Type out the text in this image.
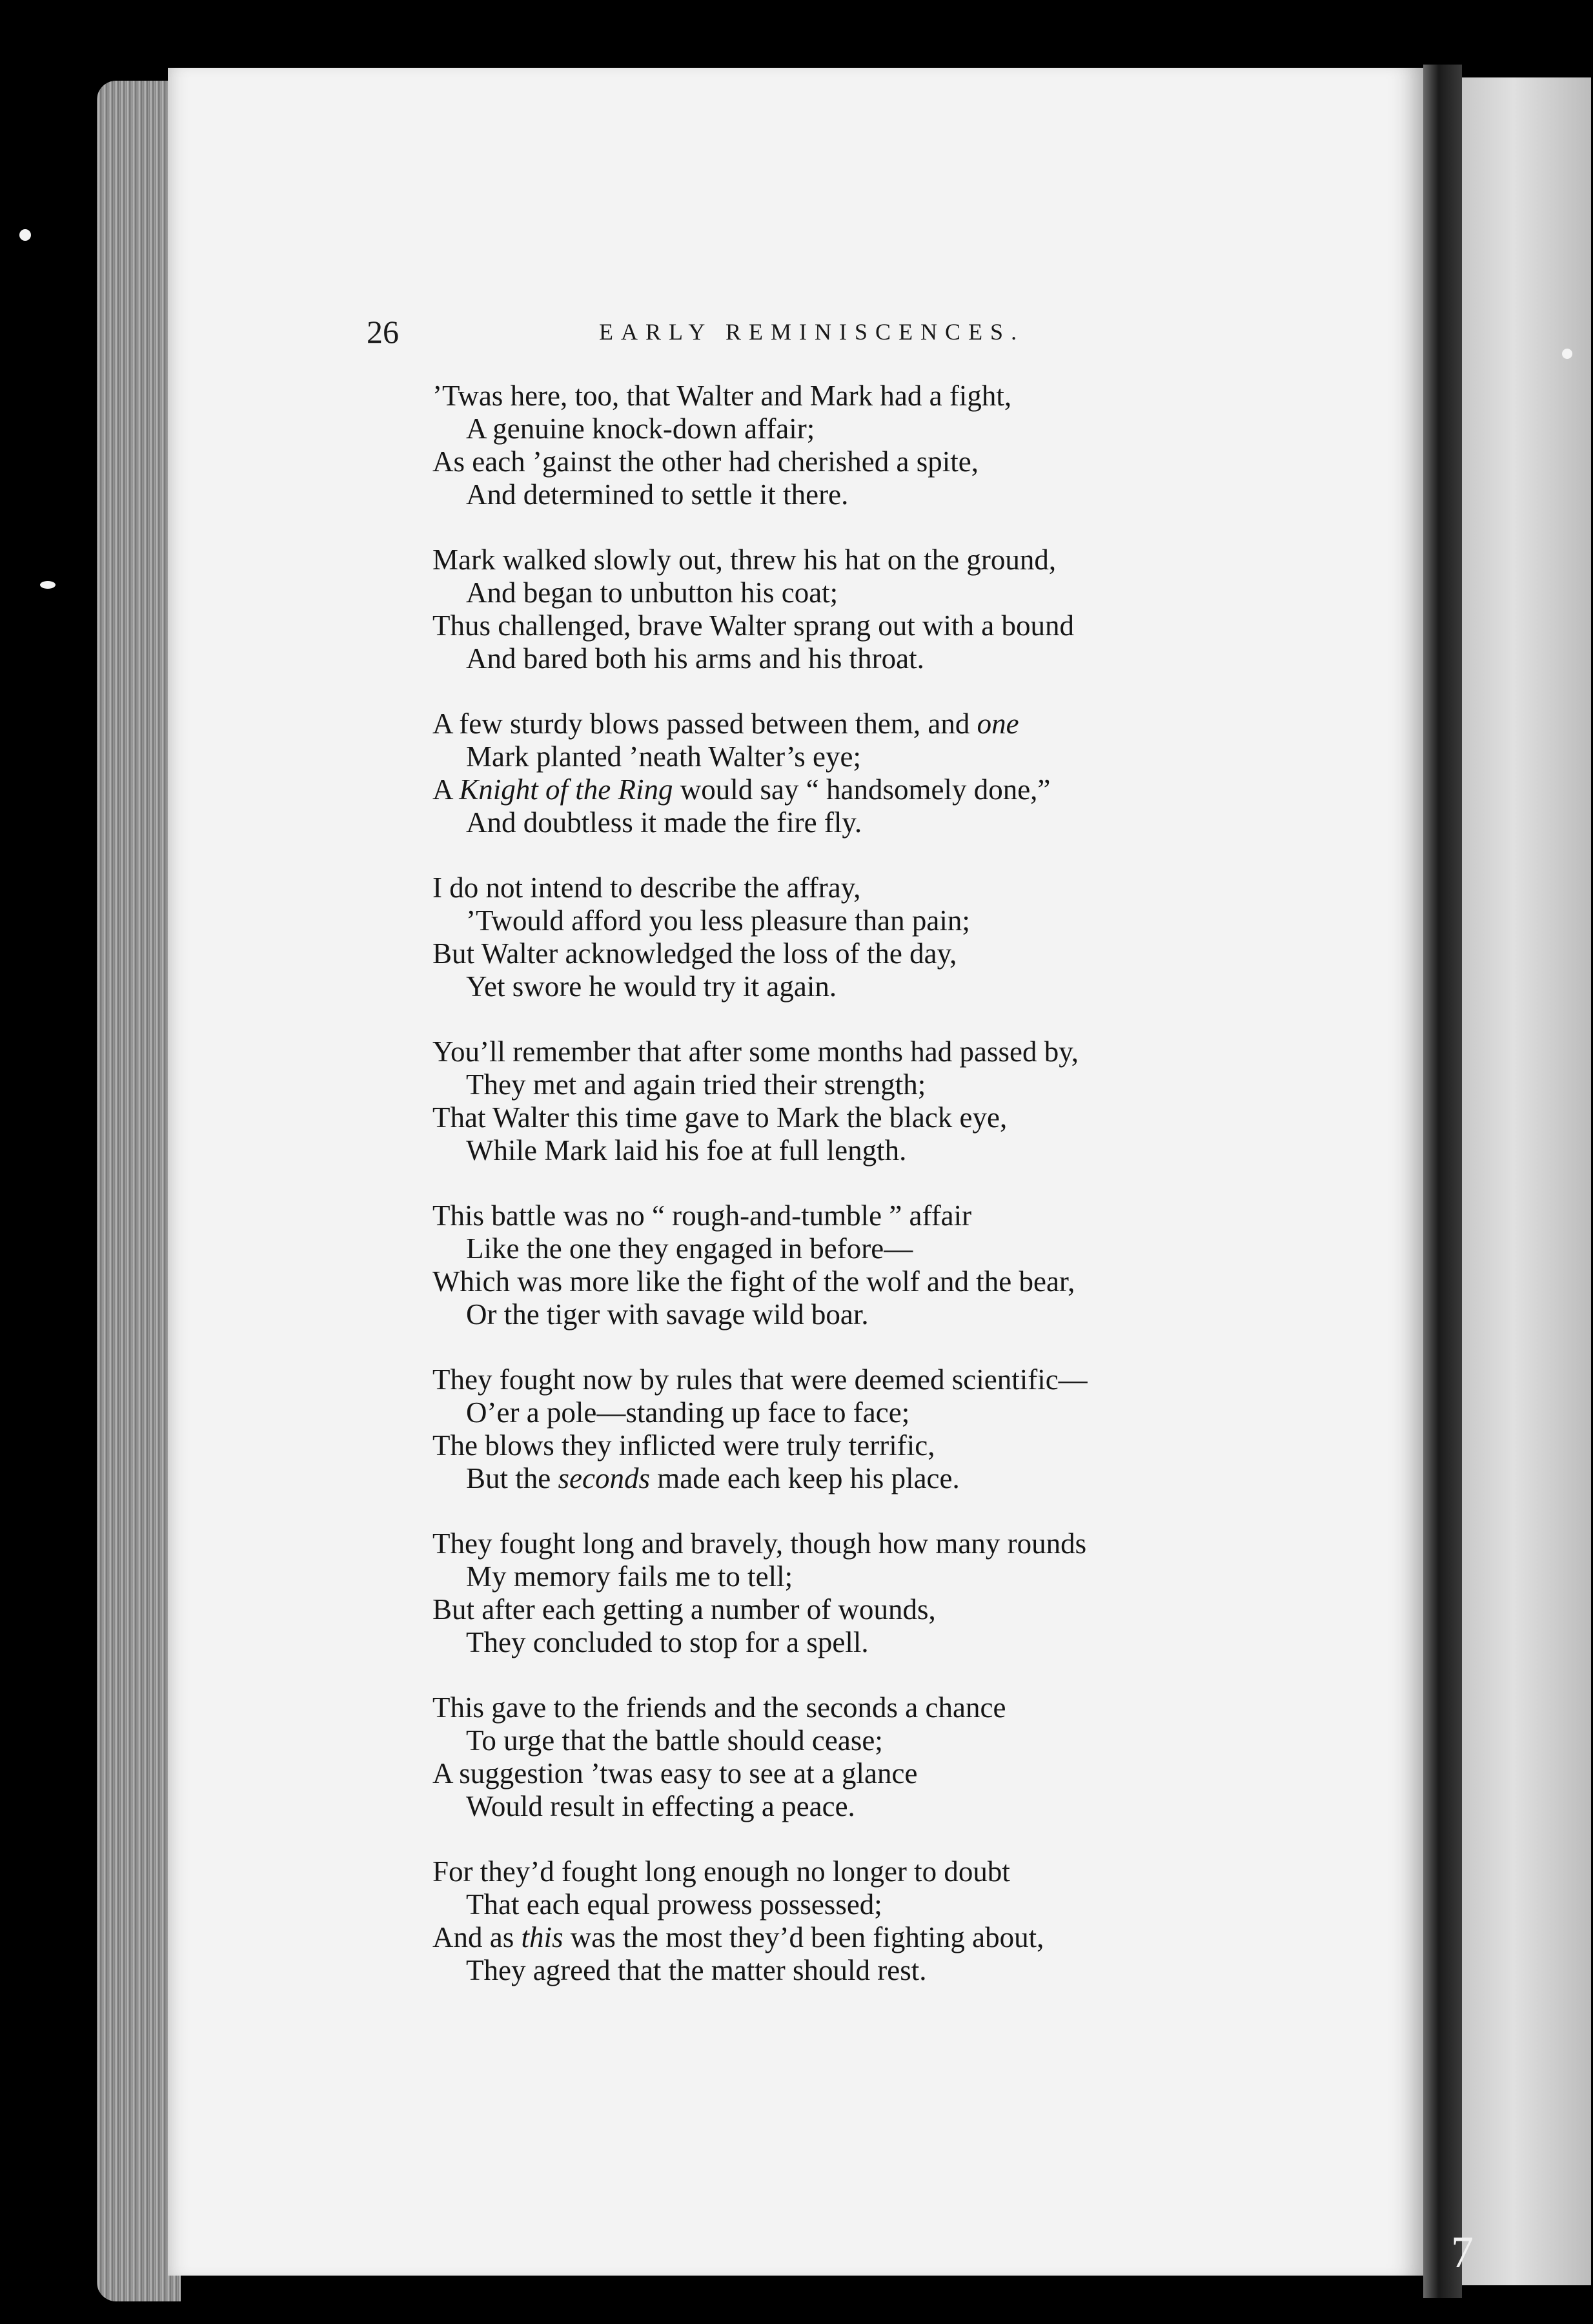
26	EARLY REMINISCENCES.
’Twas here, too, that Walter and Mark had a fight,
A genuine knock-down affair;
As each ’gainst the other had cherished a spite,
And determined to settle it there.
Mark walked slowly out, threw his hat on the ground,
And began to unbutton his coat;
Thus challenged, brave Walter sprang out with a bound
And bared both his arms and his throat.
A few sturdy blows passed between them, and one
Mark planted ’neath Walter’s eye;
A Knight of the Ring would say “ handsomely done,”
And doubtless it made the fire fly.
I do not intend to describe the affray,
’Twould afford you less pleasure than pain;
But Walter acknowledged the loss of the day,
Yet swore he would try it again.
You’ll remember that after some months had passed by,
They met and again tried their strength;
That Walter this time gave to Mark the black eye,
While Mark laid his foe at full length.
This battle was no “ rough-and-tumble ” affair
Like the one they engaged in before—
Which was more like the fight of the wolf and the bear,
Or the tiger with savage wild boar.
They fought now by rules that were deemed scientific—
O’er a pole—standing up face to face;
The blows they inflicted were truly terrific,
But the seconds made each keep his place.
They fought long and bravely, though how many rounds
My memory fails me to tell;
But after each getting a number of wounds,
They concluded to stop for a spell.
This gave to the friends and the seconds a chance
To urge that the battle should cease;
A suggestion ’twas easy to see at a glance
Would result in effecting a peace.
For they’d fought long enough no longer to doubt
That each equal prowess possessed;
And as this was the most they’d been fighting about,
They agreed that the matter should rest.
7
